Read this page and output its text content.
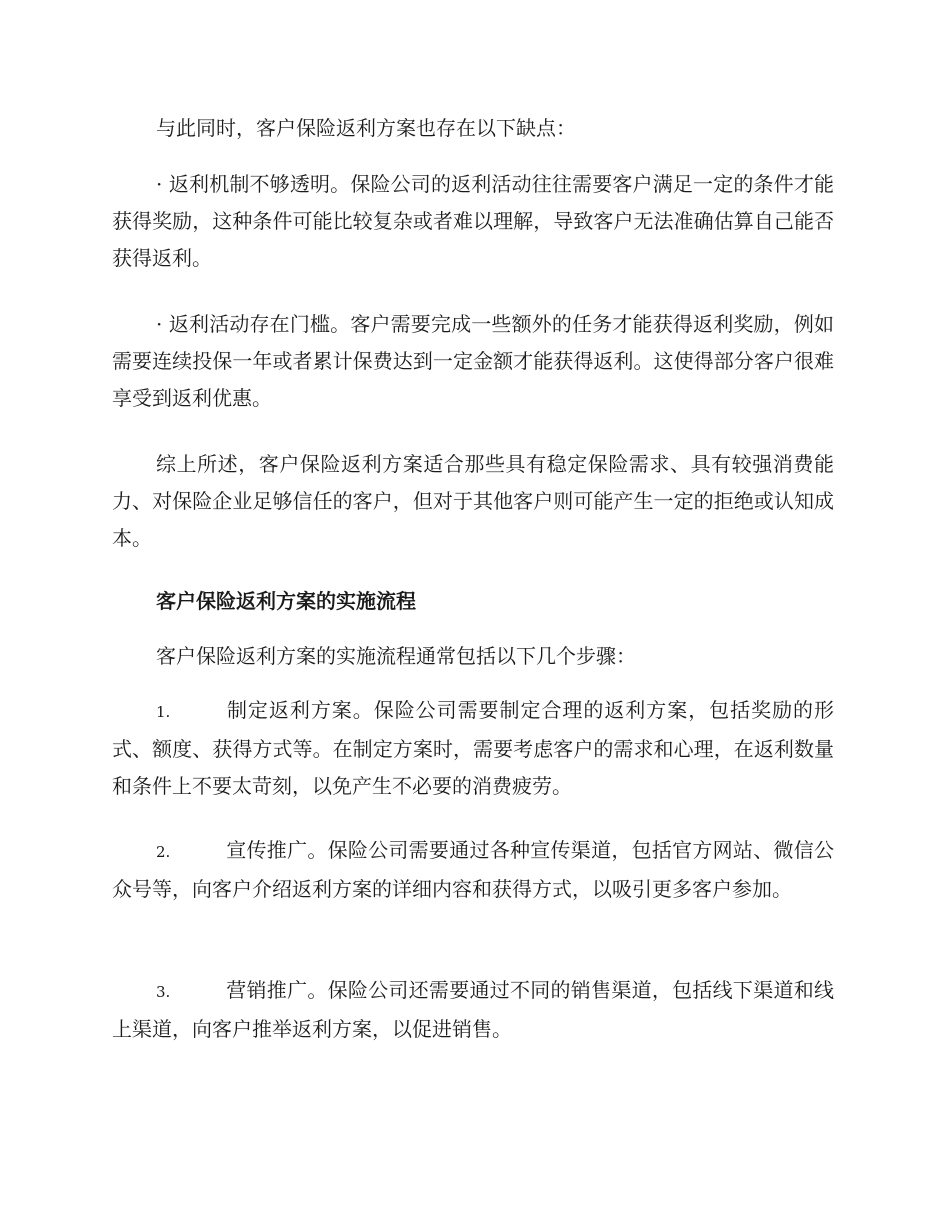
与此同时，客户保险返利方案也存在以下缺点：

· 返利机制不够透明。保险公司的返利活动往往需要客户满足一定的条件才能获得奖励，这种条件可能比较复杂或者难以理解，导致客户无法准确估算自己能否获得返利。

· 返利活动存在门槛。客户需要完成一些额外的任务才能获得返利奖励，例如需要连续投保一年或者累计保费达到一定金额才能获得返利。这使得部分客户很难享受到返利优惠。

综上所述，客户保险返利方案适合那些具有稳定保险需求、具有较强消费能力、对保险企业足够信任的客户，但对于其他客户则可能产生一定的拒绝或认知成本。

客户保险返利方案的实施流程

客户保险返利方案的实施流程通常包括以下几个步骤：

1.	制定返利方案。保险公司需要制定合理的返利方案，包括奖励的形式、额度、获得方式等。在制定方案时，需要考虑客户的需求和心理，在返利数量和条件上不要太苛刻，以免产生不必要的消费疲劳。

2.	宣传推广。保险公司需要通过各种宣传渠道，包括官方网站、微信公众号等，向客户介绍返利方案的详细内容和获得方式，以吸引更多客户参加。

3.	营销推广。保险公司还需要通过不同的销售渠道，包括线下渠道和线上渠道，向客户推举返利方案，以促进销售。
